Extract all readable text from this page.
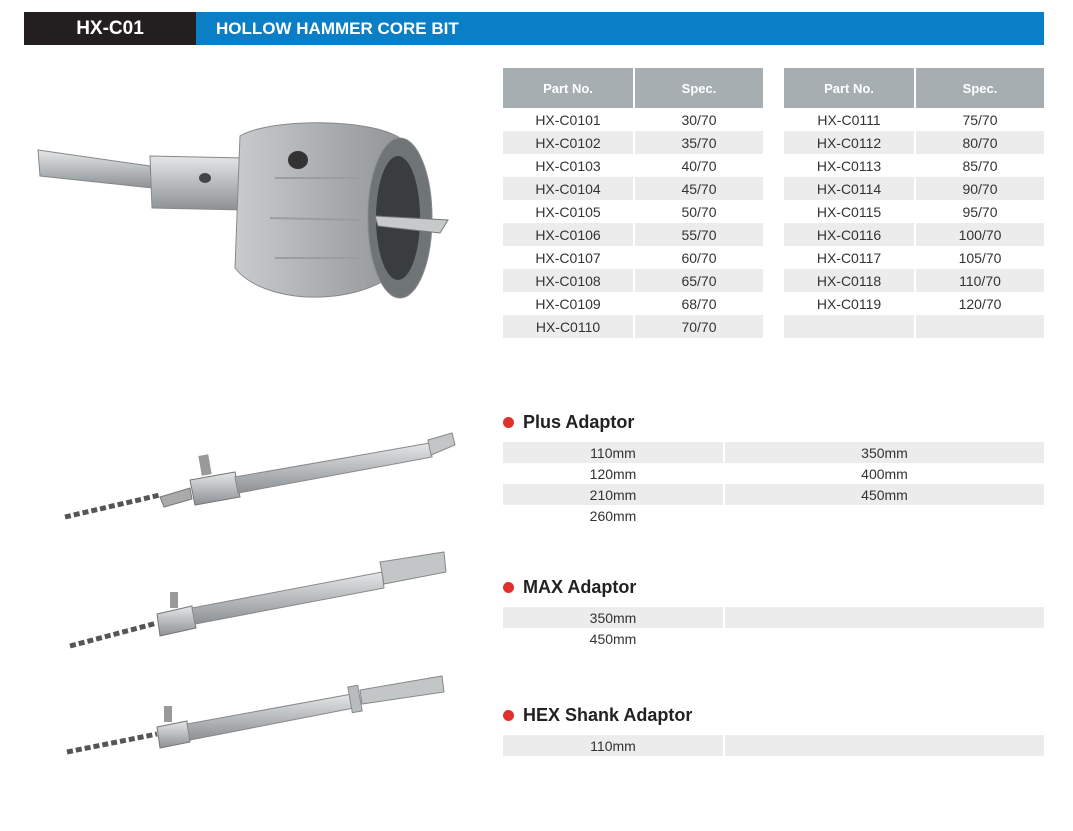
HX-C01	HOLLOW HAMMER CORE BIT
Part No.	Spec.
HX-C0101	30/70
HX-C0102	35/70
HX-C0103	40/70
HX-C0104	45/70
HX-C0105	50/70
HX-C0106	55/70
HX-C0107	60/70
HX-C0108	65/70
HX-C0109	68/70
HX-C0110	70/70
Part No.	Spec.
HX-C0111	75/70
HX-C0112	80/70
HX-C0113	85/70
HX-C0114	90/70
HX-C0115	95/70
HX-C0116	100/70
HX-C0117	105/70
HX-C0118	110/70
HX-C0119	120/70

Plus Adaptor
110mm	350mm
120mm	400mm
210mm	450mm
260mm	
MAX Adaptor
350mm	
450mm	
HEX Shank Adaptor
110mm	
